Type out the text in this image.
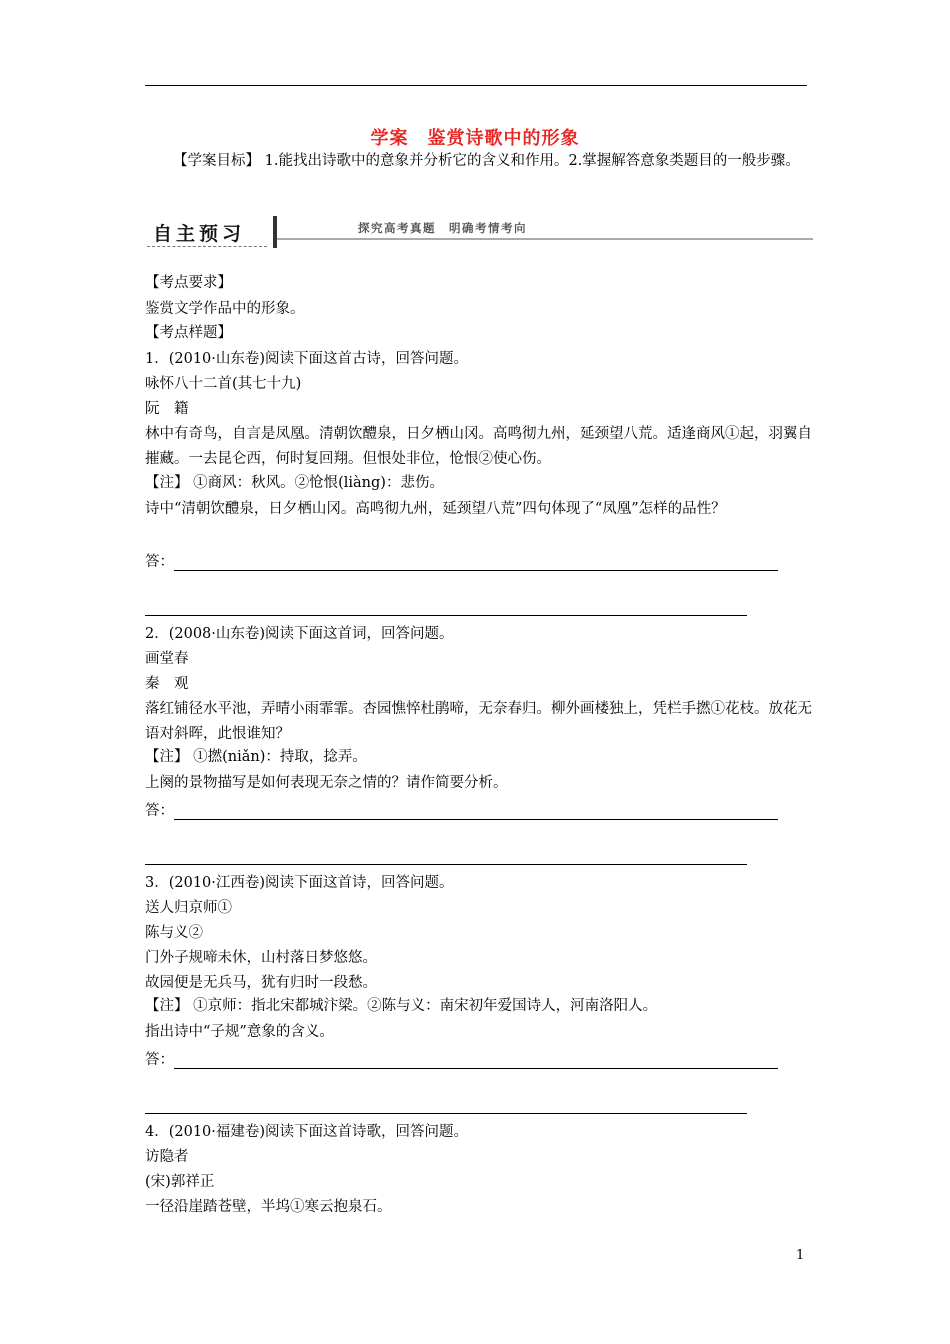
学案　鉴赏诗歌中的形象
【学案目标】 1.能找出诗歌中的意象并分析它的含义和作用。2.掌握解答意象类题目的一般步骤。
自主预习	探究高考真题　明确考情考向
【考点要求】
鉴赏文学作品中的形象。
【考点样题】
1．(2010·山东卷)阅读下面这首古诗，回答问题。
咏怀八十二首(其七十九)
阮　籍
林中有奇鸟，自言是凤凰。清朝饮醴泉，日夕栖山冈。高鸣彻九州，延颈望八荒。适逢商风①起，羽翼自摧藏。一去昆仑西，何时复回翔。但恨处非位，怆恨②使心伤。
【注】 ①商风：秋风。②怆恨(liàng)：悲伤。
诗中“清朝饮醴泉，日夕栖山冈。高鸣彻九州，延颈望八荒”四句体现了“凤凰”怎样的品性？
答：
2．(2008·山东卷)阅读下面这首词，回答问题。
画堂春
秦　观
落红铺径水平池，弄晴小雨霏霏。杏园憔悴杜鹃啼，无奈春归。柳外画楼独上，凭栏手撚①花枝。放花无语对斜晖，此恨谁知？
【注】 ①撚(niǎn)：持取，捻弄。
上阕的景物描写是如何表现无奈之情的？请作简要分析。
答：
3．(2010·江西卷)阅读下面这首诗，回答问题。
送人归京师①
陈与义②
门外子规啼未休，山村落日梦悠悠。
故园便是无兵马，犹有归时一段愁。
【注】 ①京师：指北宋都城汴梁。②陈与义：南宋初年爱国诗人，河南洛阳人。
指出诗中“子规”意象的含义。
答：
4．(2010·福建卷)阅读下面这首诗歌，回答问题。
访隐者
(宋)郭祥正
一径沿崖踏苍壁，半坞①寒云抱泉石。
1
